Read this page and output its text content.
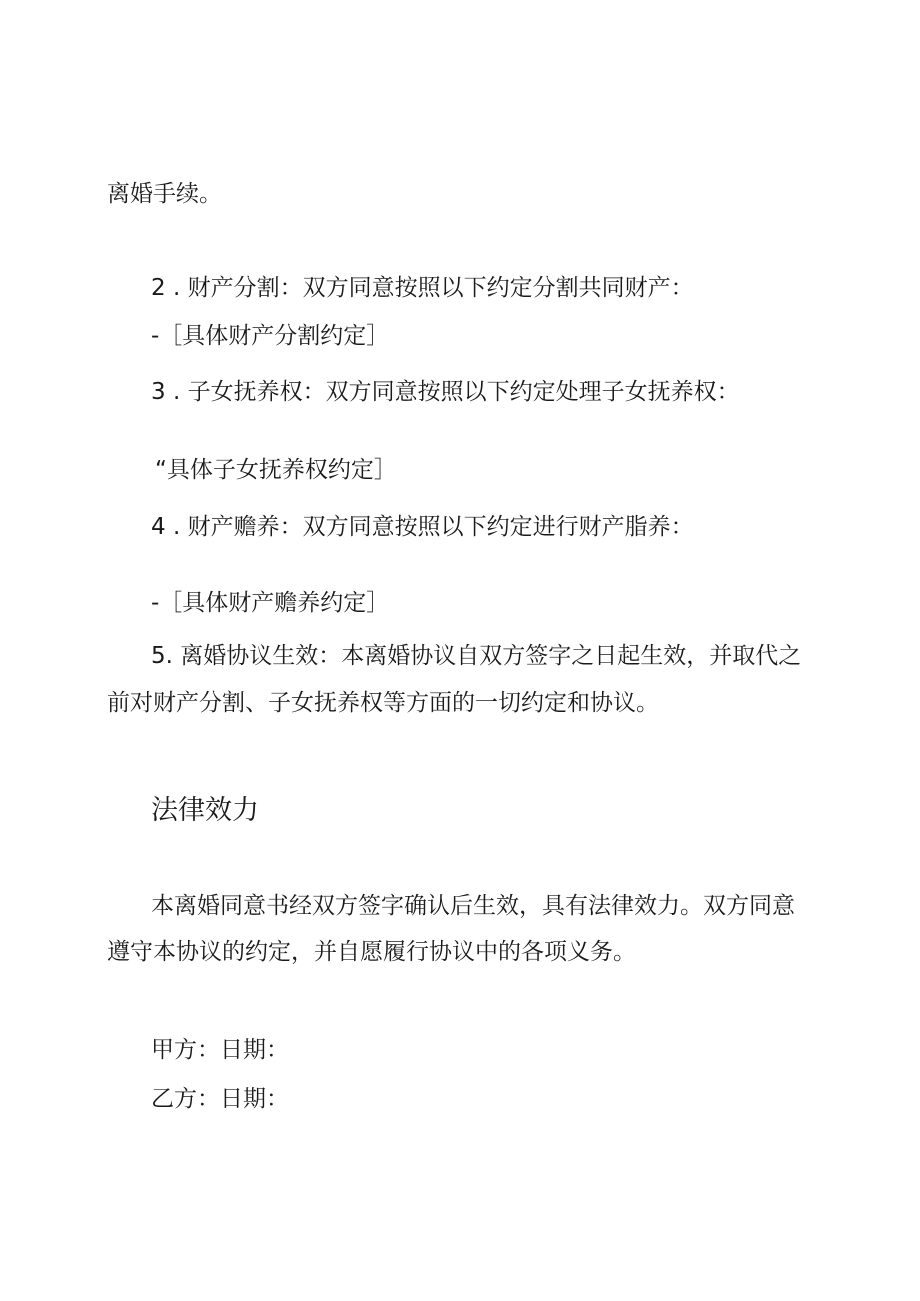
离婚手续。
2 . 财产分割：双方同意按照以下约定分割共同财产：
-［具体财产分割约定］
3 . 子女抚养权：双方同意按照以下约定处理子女抚养权：
“具体子女抚养权约定］
4 . 财产赡养：双方同意按照以下约定进行财产脂养：
-［具体财产赡养约定］
5. 离婚协议生效：本离婚协议自双方签字之日起生效，并取代之
前对财产分割、子女抚养权等方面的一切约定和协议。
法律效力
本离婚同意书经双方签字确认后生效，具有法律效力。双方同意
遵守本协议的约定，并自愿履行协议中的各项义务。
甲方：日期：
乙方：日期：
